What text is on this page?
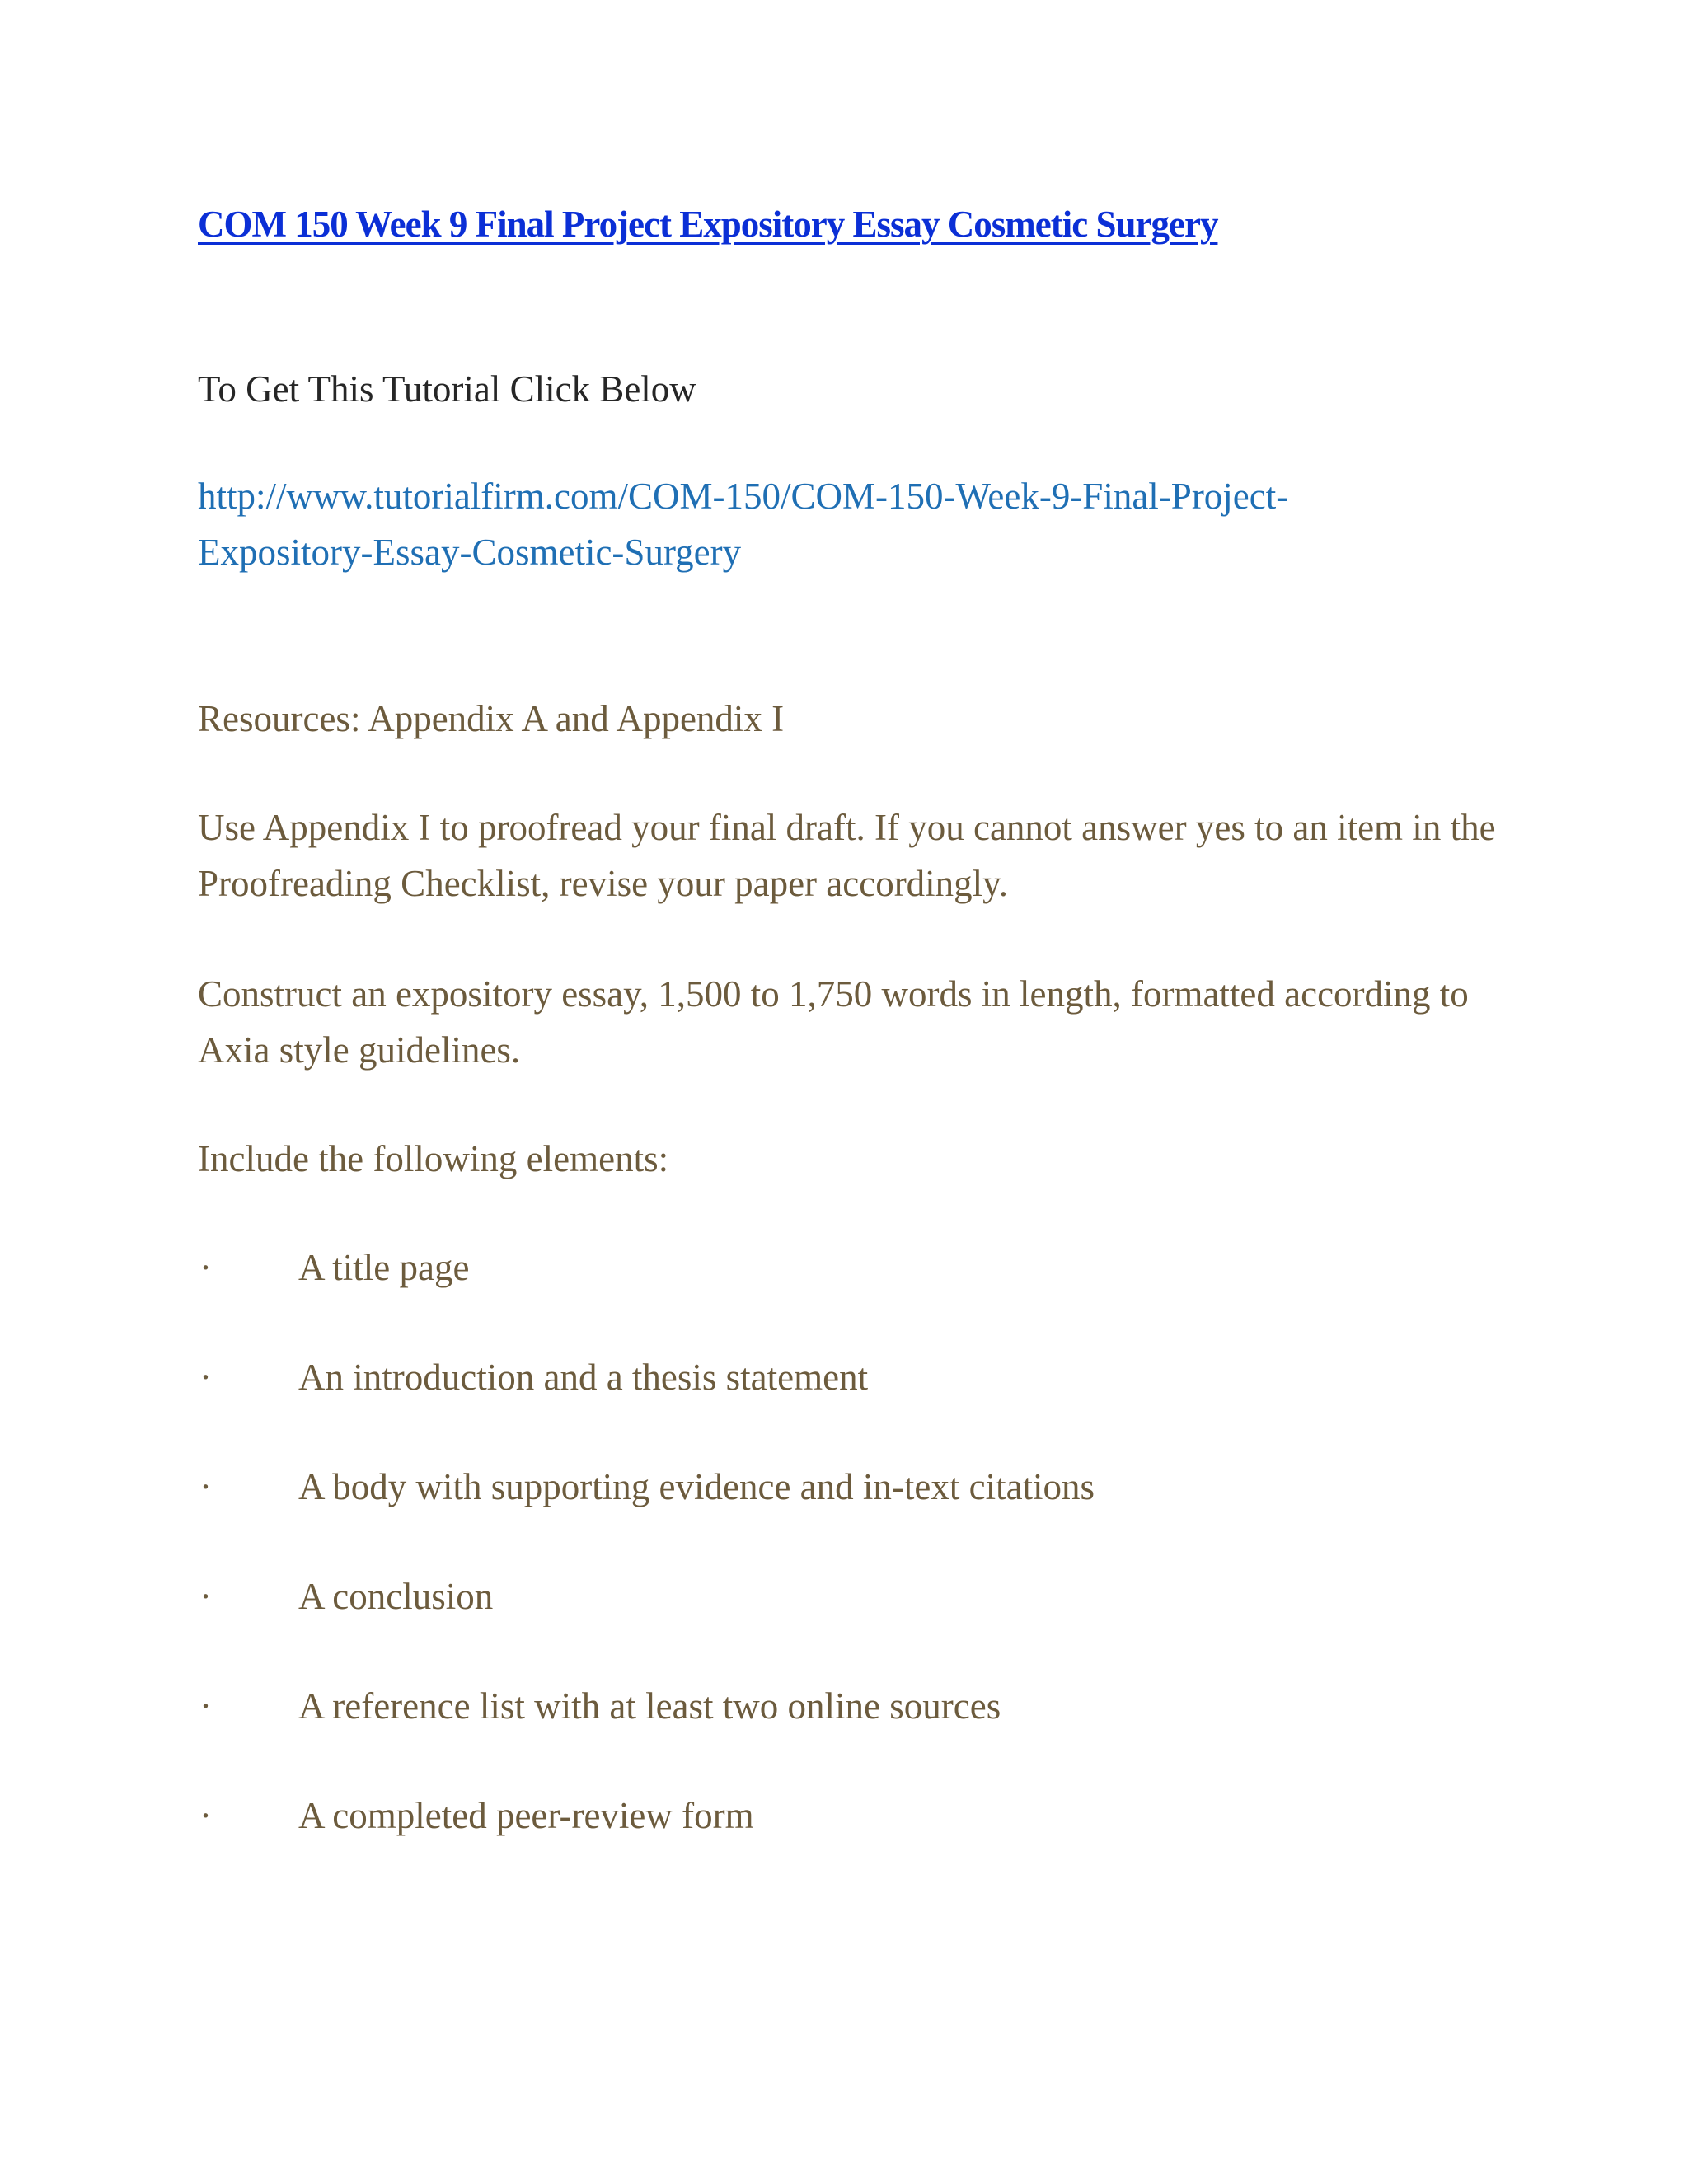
COM 150 Week 9 Final Project Expository Essay Cosmetic Surgery
To Get This Tutorial Click Below
http://www.tutorialfirm.com/COM-150/COM-150-Week-9-Final-Project-
Expository-Essay-Cosmetic-Surgery
Resources: Appendix A and Appendix I
Use Appendix I to proofread your final draft. If you cannot answer yes to an item in the Proofreading Checklist, revise your paper accordingly.
Construct an expository essay, 1,500 to 1,750 words in length, formatted according to Axia style guidelines.
Include the following elements:
·	A title page
·	An introduction and a thesis statement
·	A body with supporting evidence and in-text citations
·	A conclusion
·	A reference list with at least two online sources
·	A completed peer-review form
